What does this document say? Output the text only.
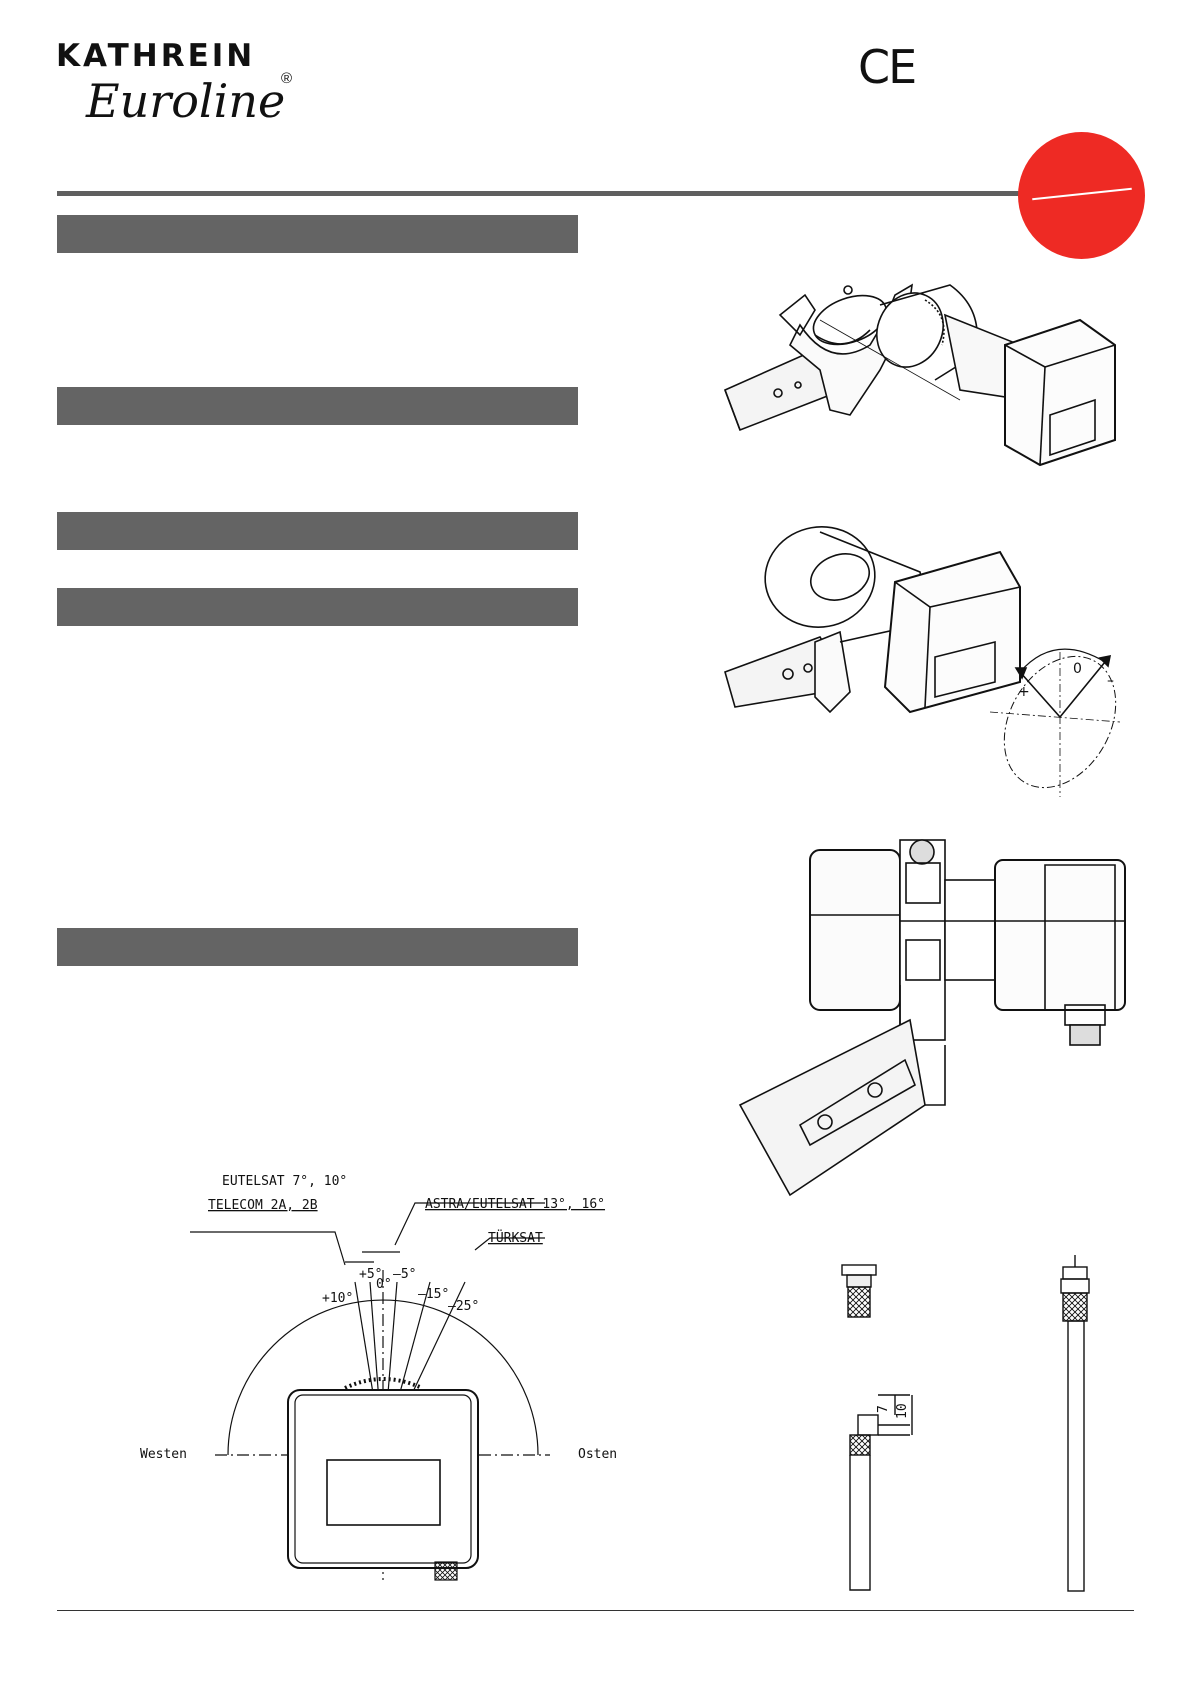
KATHREIN
Euroline
®	CE
+
0
–
7 10
EUTELSAT 7°, 10°
TELECOM 2A, 2B	ASTRA/EUTELSAT 13°, 16°
TÜRKSAT
+10°
+5°
0°
–5°
–15°
–25°
Westen	Osten
